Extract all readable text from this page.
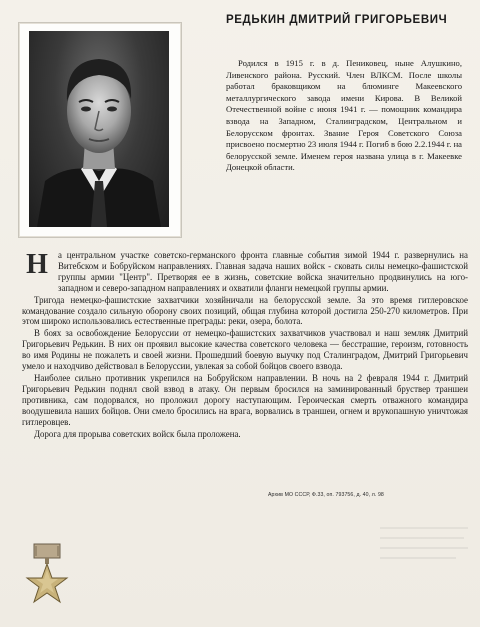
РЕДЬКИН ДМИТРИЙ ГРИГОРЬЕВИЧ

Родился в 1915 г. в д. Пениковец, ныне Алушкино, Ливенского района. Русский. Член ВЛКСМ. После школы работал браковщиком на блюминге Макеевского металлургического завода имени Кирова. В Великой Отечественной войне с июня 1941 г. — помощник командира взвода на Западном, Сталинградском, Центральном и Белорусском фронтах. Звание Героя Советского Союза присвоено посмертно 23 июля 1944 г. Погиб в бою 2.2.1944 г. на белорусской земле. Именем героя названа улица в г. Макеевке Донецкой области.

Н	а центральном участке советско-германского фронта главные события зимой 1944 г. развернулись на Витебском и Бобруйском направлениях. Главная задача наших войск - сковать силы немецко-фашистской группы армии "Центр". Претворяя ее в жизнь, советские войска значительно продвинулись на юго-западном и северо-западном направлениях и охватили фланги немецкой группы армии.

Тригода немецко-фашистские захватчики хозяйничали на белорусской земле. За это время гитлеровское командование создало сильную оборону своих позиций, общая глубина которой достигла 250-270 километров. При этом широко использовались естественные преграды: реки, озера, болота.

В боях за освобождение Белоруссии от немецко-фашистских захватчиков участвовал и наш земляк Дмитрий Григорьевич Редькин. В них он проявил высокие качества советского человека — бесстрашие, героизм, готовность во имя Родины не пожалеть и своей жизни. Прошедший боевую выучку под Сталинградом, Дмитрий Григорьевич умело и находчиво действовал в Белоруссии, увлекая за собой бойцов своего взвода.

Наиболее сильно противник укрепился на Бобруйском направлении. В ночь на 2 февраля 1944 г. Дмитрий Григорьевич Редькин поднял свой взвод в атаку. Он первым бросился на заминированный бруствер траншеи противника, сам подорвался, но проложил дорогу наступающим. Героическая смерть отважного командира воодушевила наших бойцов. Они смело бросились на врага, ворвались в траншеи, огнем и врукопашную уничтожая гитлеровцев.

Дорога для прорыва советских войск была проложена.

Архив МО СССР, Ф.33, оп. 793756, д. 40, л. 98
